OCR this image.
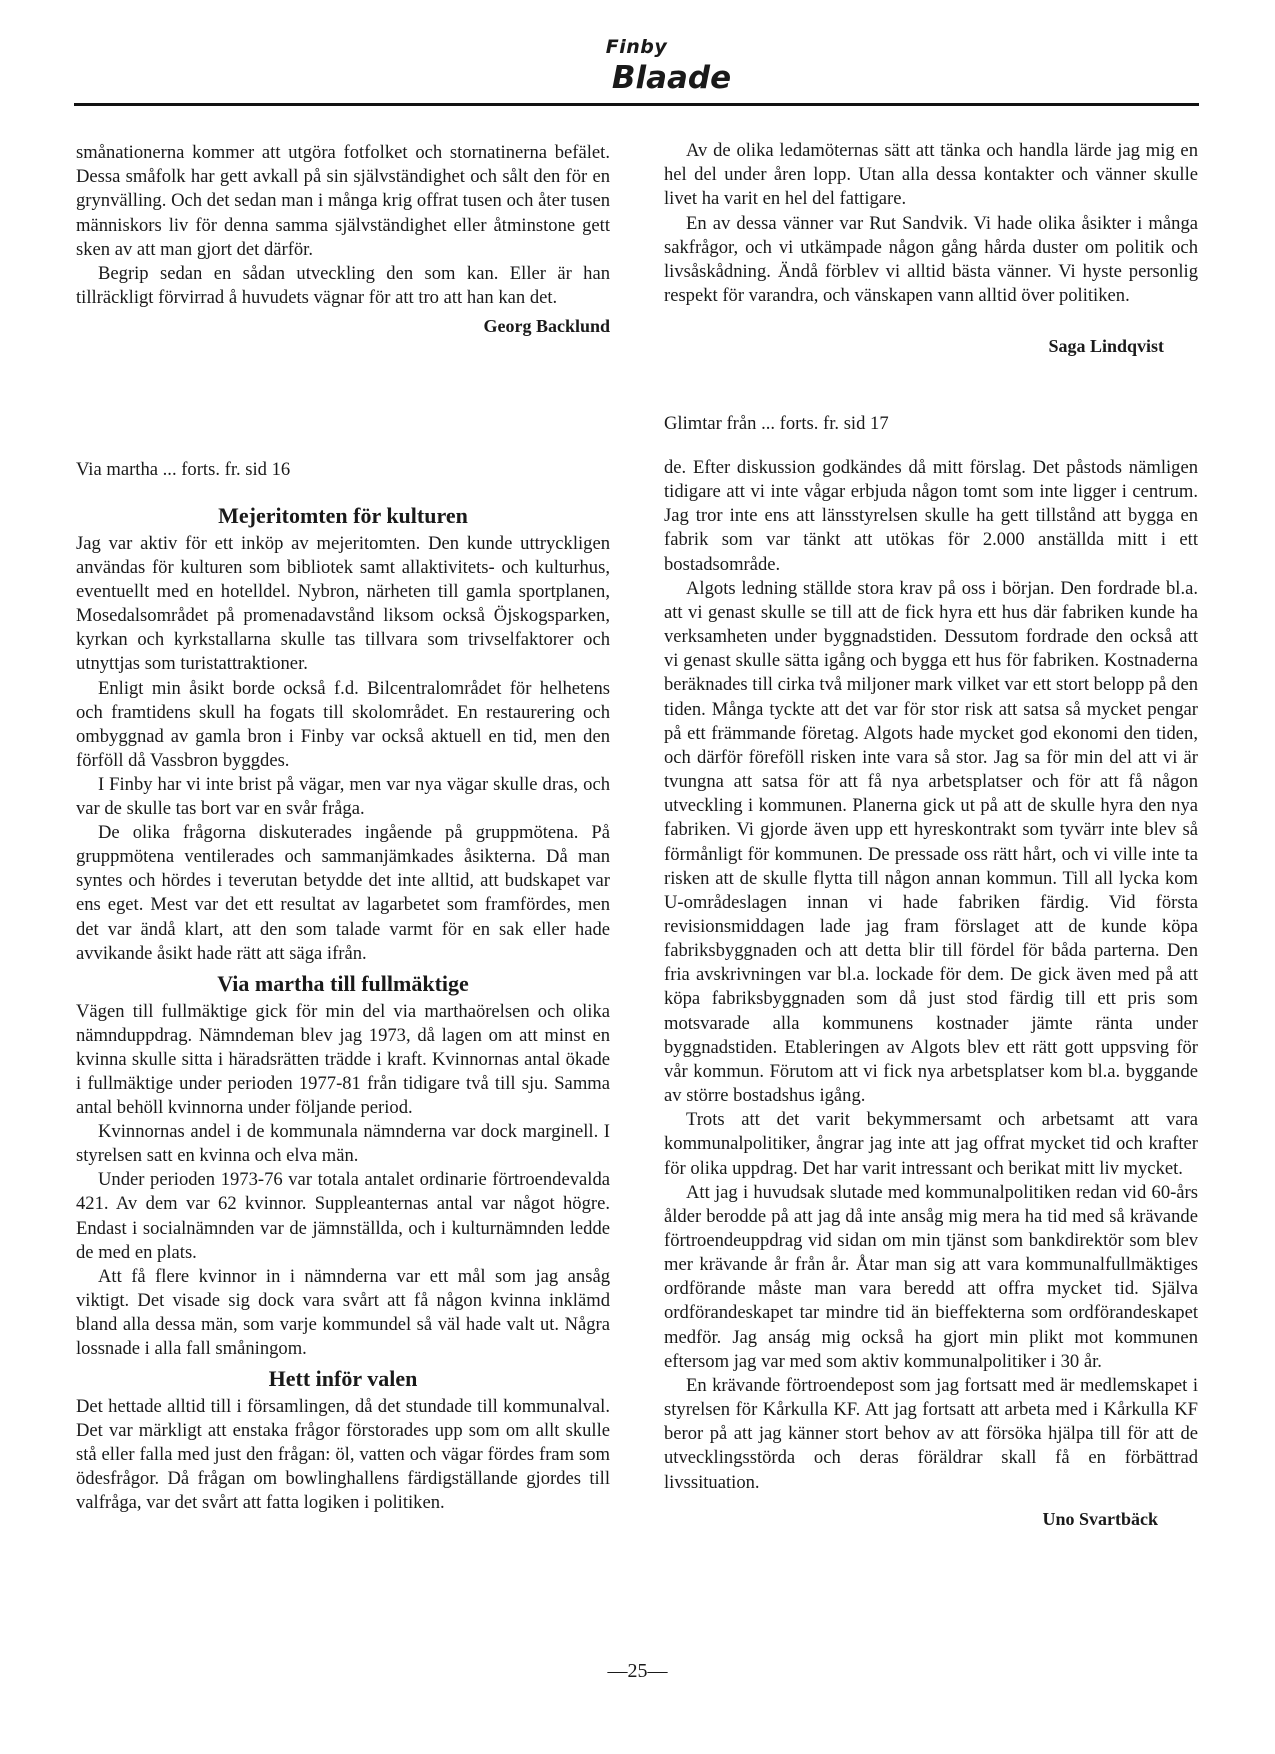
Finby
Blaade

smånationerna kommer att utgöra fotfolket och stornatinerna befälet. Dessa småfolk har gett avkall på sin självständighet och sålt den för en grynvälling. Och det sedan man i många krig offrat tusen och åter tusen människors liv för denna samma självständighet eller åtminstone gett sken av att man gjort det därför.

Begrip sedan en sådan utveckling den som kan. Eller är han tillräckligt förvirrad å huvudets vägnar för att tro att han kan det.

Georg Backlund

Av de olika ledamöternas sätt att tänka och handla lärde jag mig en hel del under åren lopp. Utan alla dessa kontakter och vänner skulle livet ha varit en hel del fattigare.

En av dessa vänner var Rut Sandvik. Vi hade olika åsikter i många sakfrågor, och vi utkämpade någon gång hårda duster om politik och livsåskådning. Ändå förblev vi alltid bästa vänner. Vi hyste personlig respekt för varandra, och vänskapen vann alltid över politiken.

Saga Lindqvist

Via martha ... forts. fr. sid 16

Mejeritomten för kulturen

Jag var aktiv för ett inköp av mejeritomten. Den kunde uttryckligen användas för kulturen som bibliotek samt allaktivitets- och kulturhus, eventuellt med en hotelldel. Nybron, närheten till gamla sportplanen, Mosedalsområdet på promenadavstånd liksom också Öjskogsparken, kyrkan och kyrkstallarna skulle tas tillvara som trivselfaktorer och utnyttjas som turistattraktioner.

Enligt min åsikt borde också f.d. Bilcentralområdet för helhetens och framtidens skull ha fogats till skolområdet. En restaurering och ombyggnad av gamla bron i Finby var också aktuell en tid, men den förföll då Vassbron byggdes.

I Finby har vi inte brist på vägar, men var nya vägar skulle dras, och var de skulle tas bort var en svår fråga.

De olika frågorna diskuterades ingående på gruppmötena. På gruppmötena ventilerades och sammanjämkades åsikterna. Då man syntes och hördes i teverutan betydde det inte alltid, att budskapet var ens eget. Mest var det ett resultat av lagarbetet som framfördes, men det var ändå klart, att den som talade varmt för en sak eller hade avvikande åsikt hade rätt att säga ifrån.

Via martha till fullmäktige

Vägen till fullmäktige gick för min del via marthaörelsen och olika nämnduppdrag. Nämndeman blev jag 1973, då lagen om att minst en kvinna skulle sitta i häradsrätten trädde i kraft. Kvinnornas antal ökade i fullmäktige under perioden 1977-81 från tidigare två till sju. Samma antal behöll kvinnorna under följande period.

Kvinnornas andel i de kommunala nämnderna var dock marginell. I styrelsen satt en kvinna och elva män.

Under perioden 1973-76 var totala antalet ordinarie förtroendevalda 421. Av dem var 62 kvinnor. Suppleanternas antal var något högre. Endast i socialnämnden var de jämnställda, och i kulturnämnden ledde de med en plats.

Att få flere kvinnor in i nämnderna var ett mål som jag ansåg viktigt. Det visade sig dock vara svårt att få någon kvinna inklämd bland alla dessa män, som varje kommundel så väl hade valt ut. Några lossnade i alla fall småningom.

Hett inför valen

Det hettade alltid till i församlingen, då det stundade till kommunalval. Det var märkligt att enstaka frågor förstorades upp som om allt skulle stå eller falla med just den frågan: öl, vatten och vägar fördes fram som ödesfrågor. Då frågan om bowlinghallens färdigställande gjordes till valfråga, var det svårt att fatta logiken i politiken.

Glimtar från ... forts. fr. sid 17

de. Efter diskussion godkändes då mitt förslag. Det påstods nämligen tidigare att vi inte vågar erbjuda någon tomt som inte ligger i centrum. Jag tror inte ens att länsstyrelsen skulle ha gett tillstånd att bygga en fabrik som var tänkt att utökas för 2.000 anställda mitt i ett bostadsområde.

Algots ledning ställde stora krav på oss i början. Den fordrade bl.a. att vi genast skulle se till att de fick hyra ett hus där fabriken kunde ha verksamheten under byggnadstiden. Dessutom fordrade den också att vi genast skulle sätta igång och bygga ett hus för fabriken. Kostnaderna beräknades till cirka två miljoner mark vilket var ett stort belopp på den tiden. Många tyckte att det var för stor risk att satsa så mycket pengar på ett främmande företag. Algots hade mycket god ekonomi den tiden, och därför föreföll risken inte vara så stor. Jag sa för min del att vi är tvungna att satsa för att få nya arbetsplatser och för att få någon utveckling i kommunen. Planerna gick ut på att de skulle hyra den nya fabriken. Vi gjorde även upp ett hyreskontrakt som tyvärr inte blev så förmånligt för kommunen. De pressade oss rätt hårt, och vi ville inte ta risken att de skulle flytta till någon annan kommun. Till all lycka kom U-områdeslagen innan vi hade fabriken färdig. Vid första revisionsmiddagen lade jag fram förslaget att de kunde köpa fabriksbyggnaden och att detta blir till fördel för båda parterna. Den fria avskrivningen var bl.a. lockade för dem. De gick även med på att köpa fabriksbyggnaden som då just stod färdig till ett pris som motsvarade alla kommunens kostnader jämte ränta under byggnadstiden. Etableringen av Algots blev ett rätt gott uppsving för vår kommun. Förutom att vi fick nya arbetsplatser kom bl.a. byggande av större bostadshus igång.

Trots att det varit bekymmersamt och arbetsamt att vara kommunalpolitiker, ångrar jag inte att jag offrat mycket tid och krafter för olika uppdrag. Det har varit intressant och berikat mitt liv mycket.

Att jag i huvudsak slutade med kommunalpolitiken redan vid 60-års ålder berodde på att jag då inte ansåg mig mera ha tid med så krävande förtroendeuppdrag vid sidan om min tjänst som bankdirektör som blev mer krävande år från år. Åtar man sig att vara kommunalfullmäktiges ordförande måste man vara beredd att offra mycket tid. Själva ordförandeskapet tar mindre tid än bieffekterna som ordförandeskapet medför. Jag anság mig också ha gjort min plikt mot kommunen eftersom jag var med som aktiv kommunalpolitiker i 30 år.

En krävande förtroendepost som jag fortsatt med är medlemskapet i styrelsen för Kårkulla KF. Att jag fortsatt att arbeta med i Kårkulla KF beror på att jag känner stort behov av att försöka hjälpa till för att de utvecklingsstörda och deras föräldrar skall få en förbättrad livssituation.

Uno Svartbäck
—25—
